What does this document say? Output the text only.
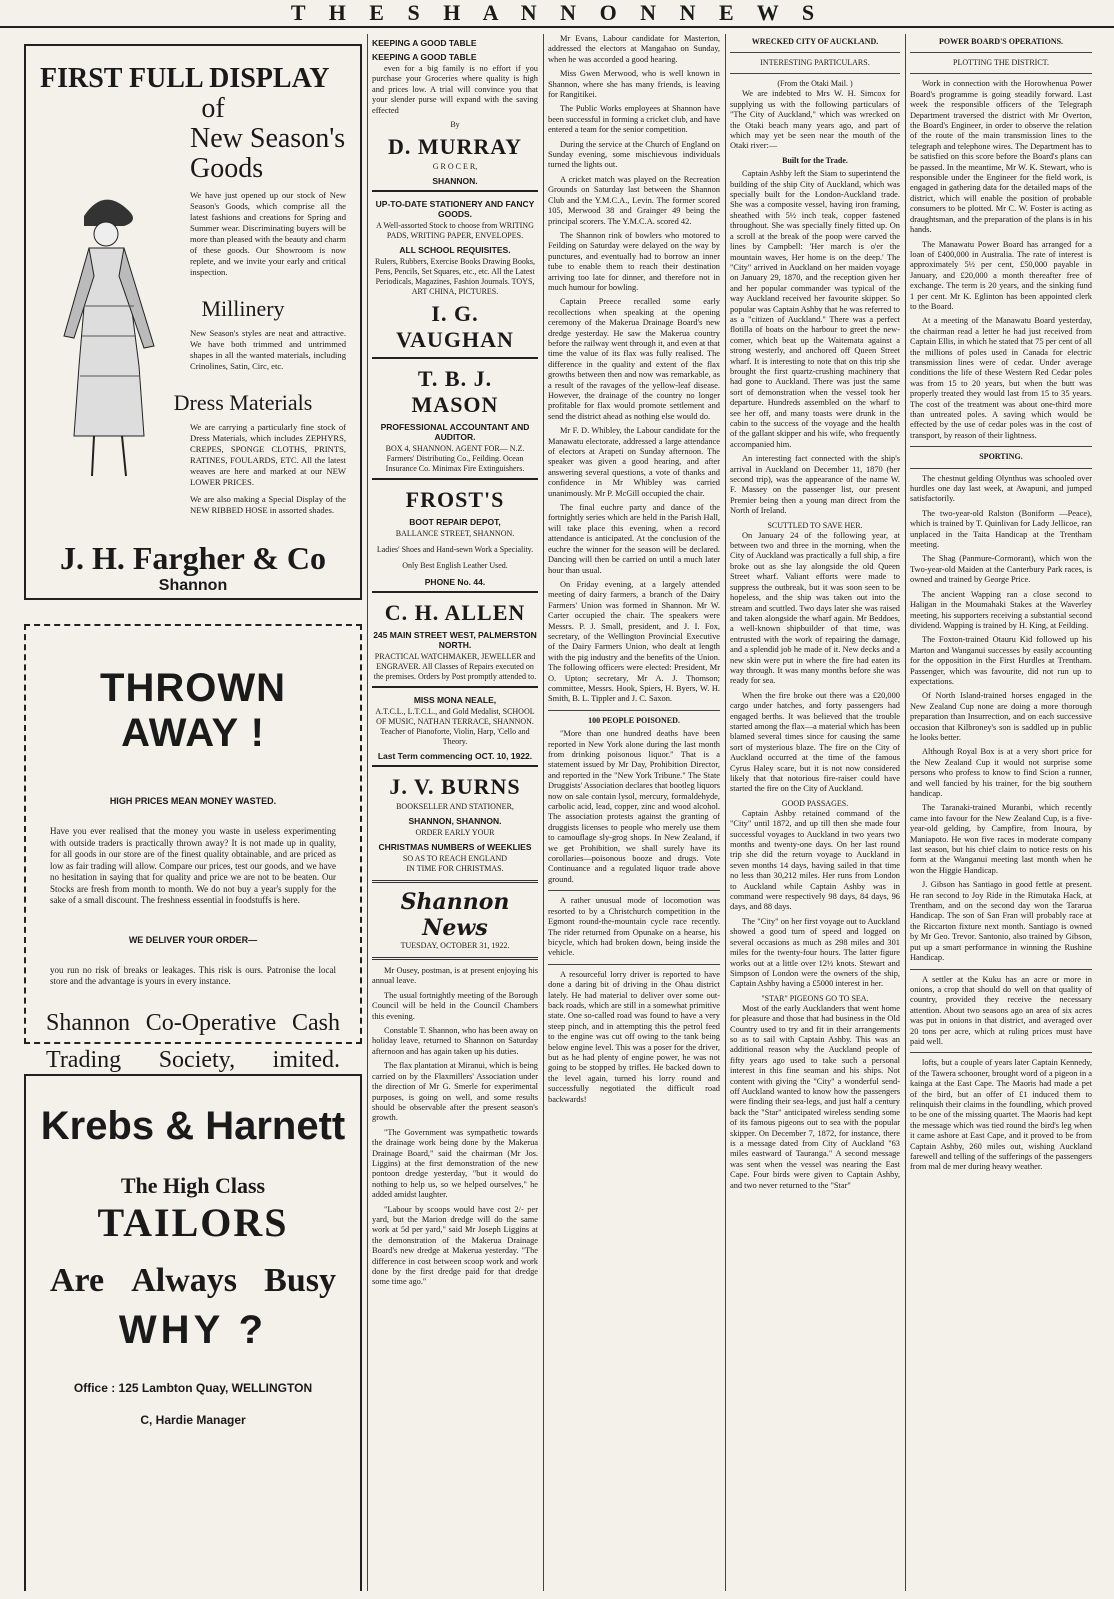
T H E S H A N N O N N E W S
FIRST FULL DISPLAY
of
New Season's Goods
We have just opened up our stock of New Season's Goods, which comprise all the latest fashions and creations for Spring and Summer wear. Discriminating buyers will be more than pleased with the beauty and charm of these goods. Our Showroom is now replete, and we invite your early and critical inspection.
Millinery
New Season's styles are neat and attractive. We have both trimmed and untrimmed shapes in all the wanted materials, including Crinolines, Satin, Circ, etc.
Dress Materials
We are carrying a particularly fine stock of Dress Materials, which includes ZEPHYRS, CREPES, SPONGE CLOTHS, PRINTS, RATINES, FOULARDS, ETC. All the latest weaves are here and marked at our NEW LOWER PRICES.
We are also making a Special Display of the NEW RIBBED HOSE in assorted shades.
J. H. Fargher & Co
Shannon
THROWN AWAY !
HIGH PRICES MEAN MONEY WASTED.
Have you ever realised that the money you waste in useless experimenting with outside traders is practically thrown away? It is not made up in quality, for all goods in our store are of the finest quality obtainable, and are priced as low as fair trading will allow. Compare our prices, test our goods, and we have no hesitation in saying that for quality and price we are not to be beaten. Our Stocks are fresh from month to month. We do not buy a year's supply for the sake of a small discount. The freshness essential in foodstuffs is here.
WE DELIVER YOUR ORDER—
you run no risk of breaks or leakages. This risk is ours. Patronise the local store and the advantage is yours in every instance.
Shannon Co-Operative Cash
Trading Society, imited.
Krebs & Harnett
The High Class
TAILORS
Are Always Busy
WHY ?
Office : 125 Lambton Quay, WELLINGTON
C, Hardie Manager
KEEPING A GOOD TABLE
KEEPING A GOOD TABLE

even for a big family is no effort if you purchase your Groceries where quality is high and prices low. A trial will convince you that your slender purse will expand with the saving effected

By
D. MURRAY
G R O C E R,
SHANNON.
UP-TO-DATE STATIONERY AND FANCY GOODS.
A Well-assorted Stock to choose from WRITING PADS, WRITING PAPER, ENVELOPES.
ALL SCHOOL REQUISITES.
Rulers, Rubbers, Exercise Books Drawing Books, Pens, Pencils, Set Squares, etc., etc. All the Latest Periodicals, Magazines, Fashion Journals. TOYS, ART CHINA, PICTURES.
I. G. VAUGHAN
T. B. J. MASON
PROFESSIONAL ACCOUNTANT AND AUDITOR.
BOX 4, SHANNON. AGENT FOR— N.Z. Farmers' Distributing Co., Feilding. Ocean Insurance Co. Minimax Fire Extinguishers.
FROST'S
BOOT REPAIR DEPOT,
BALLANCE STREET, SHANNON.
Ladies' Shoes and Hand-sewn Work a Speciality.
Only Best English Leather Used.
PHONE No. 44.
C. H. ALLEN
245 MAIN STREET WEST, PALMERSTON NORTH.
PRACTICAL WATCHMAKER, JEWELLER and ENGRAVER. All Classes of Repairs executed on the premises. Orders by Post promptly attended to.
MISS MONA NEALE,
A.T.C.L., L.T.C.L., and Gold Medalist, SCHOOL OF MUSIC, NATHAN TERRACE, SHANNON. Teacher of Pianoforte, Violin, Harp, 'Cello and Theory.
Last Term commencing OCT. 10, 1922.
J. V. BURNS
BOOKSELLER AND STATIONER,
SHANNON, SHANNON.
ORDER EARLY YOUR
CHRISTMAS NUMBERS of WEEKLIES
SO AS TO REACH ENGLAND
IN TIME FOR CHRISTMAS.
Shannon News
TUESDAY, OCTOBER 31, 1922.

Mr Ousey, postman, is at present enjoying his annual leave.

The usual fortnightly meeting of the Borough Council will be held in the Council Chambers this evening.

Constable T. Shannon, who has been away on holiday leave, returned to Shannon on Saturday afternoon and has again taken up his duties.

The flax plantation at Miranui, which is being carried on by the Flaxmillers' Association under the direction of Mr G. Smerle for experimental purposes, is going on well, and some results should be observable after the present season's growth.

"The Government was sympathetic towards the drainage work being done by the Makerua Drainage Board," said the chairman (Mr Jos. Liggins) at the first demonstration of the new pontoon dredge yesterday, "but it would do nothing to help us, so we helped ourselves," he added amidst laughter.

"Labour by scoops would have cost 2/- per yard, but the Marion dredge will do the same work at 5d per yard," said Mr Joseph Liggins at the demonstration of the Makerua Drainage Board's new dredge at Makerua yesterday. "The difference in cost between scoop work and work done by the first dredge paid for that dredge some time ago."

Mr Evans, Labour candidate for Masterton, addressed the electors at Mangahao on Sunday, when he was accorded a good hearing.

Miss Gwen Merwood, who is well known in Shannon, where she has many friends, is leaving for Rangitikei.

The Public Works employees at Shannon have been successful in forming a cricket club, and have entered a team for the senior competition.

During the service at the Church of England on Sunday evening, some mischievous individuals turned the lights out.

A cricket match was played on the Recreation Grounds on Saturday last between the Shannon Club and the Y.M.C.A., Levin. The former scored 105, Merwood 38 and Grainger 49 being the principal scorers. The Y.M.C.A. scored 42.

The Shannon rink of bowlers who motored to Feilding on Saturday were delayed on the way by punctures, and eventually had to borrow an inner tube to enable them to reach their destination arriving too late for dinner, and therefore not in much humour for bowling.

Captain Preece recalled some early recollections when speaking at the opening ceremony of the Makerua Drainage Board's new dredge yesterday. He saw the Makerua country before the railway went through it, and even at that time the value of its flax was fully realised. The difference in the quality and extent of the flax growths between then and now was remarkable, as a result of the ravages of the yellow-leaf disease. However, the drainage of the country no longer profitable for flax would promote settlement and send the district ahead as nothing else would do.

Mr F. D. Whibley, the Labour candidate for the Manawatu electorate, addressed a large attendance of electors at Arapeti on Sunday afternoon. The speaker was given a good hearing, and after answering several questions, a vote of thanks and confidence in Mr Whibley was carried unanimously. Mr P. McGill occupied the chair.

The final euchre party and dance of the fortnightly series which are held in the Parish Hall, will take place this evening, when a record attendance is anticipated. At the conclusion of the euchre the winner for the season will be declared. Dancing will then be carried on until a much later hour than usual.

On Friday evening, at a largely attended meeting of dairy farmers, a branch of the Dairy Farmers' Union was formed in Shannon. Mr W. Carter occupied the chair. The speakers were Messrs. P. J. Small, president, and J. I. Fox, secretary, of the Wellington Provincial Executive of the Dairy Farmers Union, who dealt at length with the pig industry and the benefits of the Union. The following officers were elected: President, Mr O. Upton; secretary, Mr A. J. Thomson; committee, Messrs. Hook, Spiers, H. Byers, W. H. Smith, B. L. Tippler and J. C. Saxon.

100 PEOPLE POISONED.

"More than one hundred deaths have been reported in New York alone during the last month from drinking poisonous liquor." That is a statement issued by Mr Day, Prohibition Director, and reported in the "New York Tribune." The State Druggists' Association declares that bootleg liquors now on sale contain lysol, mercury, formaldehyde, carbolic acid, lead, copper, zinc and wood alcohol. The association protests against the granting of druggists licenses to people who merely use them to camouflage sly-grog shops. In New Zealand, if we get Prohibition, we shall surely have its corollaries—poisonous booze and drugs. Vote Continuance and a regulated liquor trade above ground.

A rather unusual mode of locomotion was resorted to by a Christchurch competition in the Egmont round-the-mountain cycle race recently. The rider returned from Opunake on a hearse, his bicycle, which had broken down, being inside the vehicle.

A resourceful lorry driver is reported to have done a daring bit of driving in the Ohau district lately. He had material to deliver over some out-back roads, which are still in a somewhat primitive state. One so-called road was found to have a very steep pinch, and in attempting this the petrol feed to the engine was cut off owing to the tank being below engine level. This was a poser for the driver, but as he had plenty of engine power, he was not going to be stopped by trifles. He backed down to the level again, turned his lorry round and successfully negotiated the difficult road backwards!

WRECKED CITY OF AUCKLAND.
INTERESTING PARTICULARS.
(From the Otaki Mail. )

We are indebted to Mrs W. H. Simcox for supplying us with the following particulars of "The City of Auckland," which was wrecked on the Otaki beach many years ago, and part of which may yet be seen near the mouth of the Otaki river:—

Built for the Trade.

Captain Ashby left the Siam to superintend the building of the ship City of Auckland, which was specially built for the London-Auckland trade. She was a composite vessel, having iron framing, sheathed with 5½ inch teak, copper fastened throughout. She was specially finely fitted up. On a scroll at the break of the poop were carved the lines by Campbell: 'Her march is o'er the mountain waves, Her home is on the deep.' The "City" arrived in Auckland on her maiden voyage on January 29, 1870, and the reception given her and her popular commander was typical of the way Auckland received her favourite skipper. So popular was Captain Ashby that he was referred to as a "citizen of Auckland." There was a perfect flotilla of boats on the harbour to greet the new-comer, which beat up the Waitemata against a strong westerly, and anchored off Queen Street wharf. It is interesting to note that on this trip she brought the first quartz-crushing machinery that had gone to Auckland. There was just the same sort of demonstration when the vessel took her departure. Hundreds assembled on the wharf to see her off, and many toasts were drunk in the cabin to the success of the voyage and the health of the gallant skipper and his wife, who frequently accompanied him.

An interesting fact connected with the ship's arrival in Auckland on December 11, 1870 (her second trip), was the appearance of the name W. F. Massey on the passenger list, our present Premier being then a young man direct from the North of Ireland.

SCUTTLED TO SAVE HER.

On January 24 of the following year, at between two and three in the morning, when the City of Auckland was practically a full ship, a fire broke out as she lay alongside the old Queen Street wharf. Valiant efforts were made to suppress the outbreak, but it was soon seen to be hopeless, and the ship was taken out into the stream and scuttled. Two days later she was raised and taken alongside the wharf again. Mr Beddoes, a well-known shipbuilder of that time, was entrusted with the work of repairing the damage, and a splendid job he made of it. New decks and a new skin were put in where the fire had eaten its way through. It was many months before she was ready for sea.

When the fire broke out there was a £20,000 cargo under hatches, and forty passengers had engaged berths. It was believed that the trouble started among the flax—a material which has been blamed several times since for causing the same sort of mysterious blaze. The fire on the City of Auckland occurred at the time of the famous Cyrus Haley scare, but it is not now considered likely that that notorious fire-raiser could have started the fire on the City of Auckland.

GOOD PASSAGES.

Captain Ashby retained command of the "City" until 1872, and up till then she made four successful voyages to Auckland in two years two months and twenty-one days. On her last round trip she did the return voyage to Auckland in seven months 14 days, having sailed in that time no less than 30,212 miles. Her runs from London to Auckland while Captain Ashby was in command were respectively 98 days, 84 days, 96 days, and 88 days.

The "City" on her first voyage out to Auckland showed a good turn of speed and logged on several occasions as much as 298 miles and 301 miles for the twenty-four hours. The latter figure works out at a little over 12½ knots. Stewart and Simpson of London were the owners of the ship, Captain Ashby having a £5000 interest in her.

"STAR" PIGEONS GO TO SEA.

Most of the early Aucklanders that went home for pleasure and those that had business in the Old Country used to try and fit in their arrangements so as to sail with Captain Ashby. This was an additional reason why the Auckland people of fifty years ago used to take such a personal interest in this fine seaman and his ships. Not content with giving the "City" a wonderful send-off Auckland wanted to know how the passengers were finding their sea-legs, and just half a century back the "Star" anticipated wireless sending some of its famous pigeons out to sea with the popular skipper. On December 7, 1872, for instance, there is a message dated from City of Auckland "63 miles eastward of Tauranga." A second message was sent when the vessel was nearing the East Cape. Four birds were given to Captain Ashby, and two never returned to the "Star"

POWER BOARD'S OPERATIONS.
PLOTTING THE DISTRICT.

Work in connection with the Horowhenua Power Board's programme is going steadily forward. Last week the responsible officers of the Telegraph Department traversed the district with Mr Overton, the Board's Engineer, in order to observe the relation of the route of the main transmission lines to the telegraph and telephone wires. The Department has to be satisfied on this score before the Board's plans can be passed. In the meantime, Mr W. K. Stewart, who is responsible under the Engineer for the field work, is engaged in gathering data for the detailed maps of the district, which will enable the position of probable consumers to be plotted. Mr C. W. Foster is acting as draughtsman, and the preparation of the plans is in his hands.

The Manawatu Power Board has arranged for a loan of £400,000 in Australia. The rate of interest is approximately 5½ per cent, £50,000 payable in January, and £20,000 a month thereafter free of exchange. The term is 20 years, and the sinking fund 1 per cent. Mr K. Eglinton has been appointed clerk to the Board.

At a meeting of the Manawatu Board yesterday, the chairman read a letter he had just received from Captain Ellis, in which he stated that 75 per cent of all the millions of poles used in Canada for electric transmission lines were of cedar. Under average conditions the life of these Western Red Cedar poles was from 15 to 20 years, but when the butt was properly treated they would last from 15 to 35 years. The cost of the treatment was about one-third more than untreated poles. A saving which would be effected by the use of cedar poles was in the cost of transport, by reason of their lightness.

SPORTING.

The chestnut gelding Olynthus was schooled over hurdles one day last week, at Awapuni, and jumped satisfactorily.

The two-year-old Ralston (Boniform —Peace), which is trained by T. Quinlivan for Lady Jellicoe, ran unplaced in the Taita Handicap at the Trentham meeting.

The Shag (Panmure-Cormorant), which won the Two-year-old Maiden at the Canterbury Park races, is owned and trained by George Price.

The ancient Wapping ran a close second to Haligan in the Moumahaki Stakes at the Waverley meeting, his supporters receiving a substantial second dividend. Wapping is trained by H. King, at Feilding.

The Foxton-trained Otauru Kid followed up his Marton and Wanganui successes by easily accounting for the opposition in the First Hurdles at Trentham. Passenger, which was favourite, did not run up to expectations.

Of North Island-trained horses engaged in the New Zealand Cup none are doing a more thorough preparation than Insurrection, and on each successive occasion that Kilbroney's son is saddled up in public he looks better.

Although Royal Box is at a very short price for the New Zealand Cup it would not surprise some persons who profess to know to find Scion a runner, and well fancied by his trainer, for the big southern handicap.

The Taranaki-trained Muranbi, which recently came into favour for the New Zealand Cup, is a five-year-old gelding, by Campfire, from Inoura, by Maniapoto. He won five races in moderate company last season, but his chief claim to notice rests on his form at the Wanganui meeting last month when he won the Higgie Handicap.

J. Gibson has Santiago in good fettle at present. He ran second to Joy Ride in the Rimutaka Hack, at Trentham, and on the second day won the Tararua Handicap. The son of San Fran will probably race at the Riccarton fixture next month. Santiago is owned by Mr Geo. Trevor. Santonio, also trained by Gibson, put up a smart performance in winning the Rushine Handicap.

A settler at the Kuku has an acre or more in onions, a crop that should do well on that quality of country, provided they receive the necessary attention. About two seasons ago an area of six acres was put in onions in that district, and averaged over 20 tons per acre, which at ruling prices must have paid well.

lofts, but a couple of years later Captain Kennedy, of the Tawera schooner, brought word of a pigeon in a kainga at the East Cape. The Maoris had made a pet of the bird, but an offer of £1 induced them to relinquish their claims in the foundling, which proved to be one of the missing quartet. The Maoris had kept the message which was tied round the bird's leg when it came ashore at East Cape, and it proved to be from Captain Ashby, 260 miles out, wishing Auckland farewell and telling of the sufferings of the passengers from mal de mer during heavy weather.
